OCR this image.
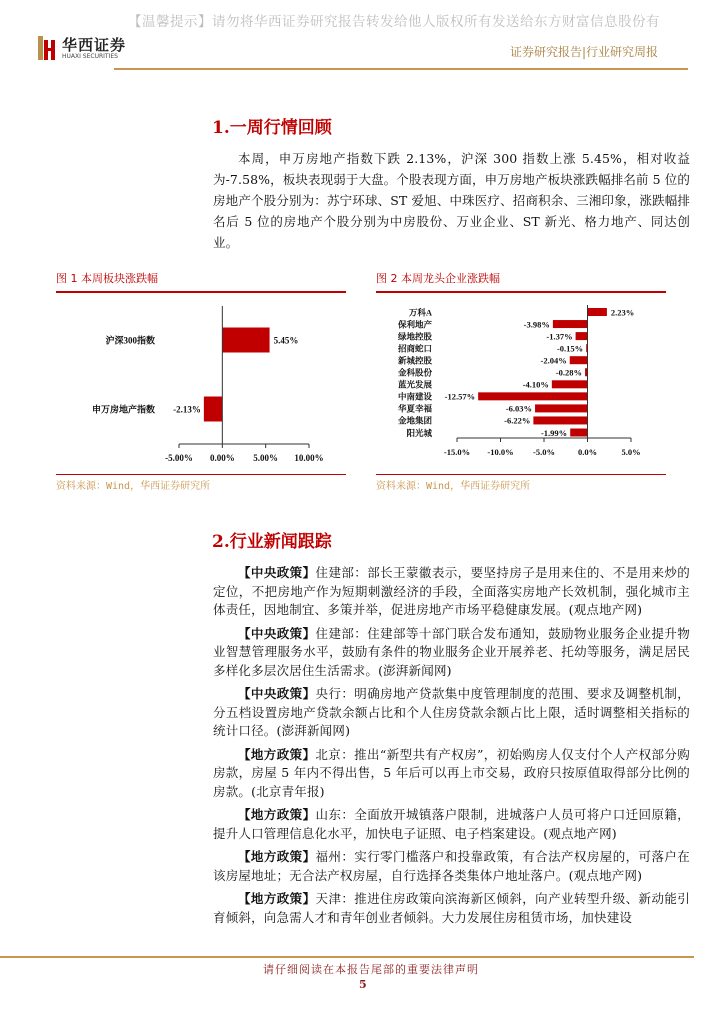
【温馨提示】请勿将华西证券研究报告转发给他人版权所有发送给东方财富信息股份有
华西证券
HUAXI SECURITIES	证券研究报告|行业研究周报
1.一周行情回顾
本周，申万房地产指数下跌 2.13%，沪深 300 指数上涨 5.45%，相对收益为-7.58%，板块表现弱于大盘。个股表现方面，申万房地产板块涨跌幅排名前 5 位的房地产个股分别为：苏宁环球、ST 爱旭、中珠医疗、招商积余、三湘印象，涨跌幅排名后 5 位的房地产个股分别为中房股份、万业企业、ST 新光、格力地产、同达创业。
图 1 本周板块涨跌幅
沪深300指数	5.45%
申万房地产指数 -2.13%
-5.00% 0.00% 5.00% 10.00%
万科A	2.23%
保利地产	-3.98%
绿地控股	-1.37%
招商蛇口	-0.15%
新城控股	-2.04%
金科股份	-0.28%
蓝光发展	-4.10%
中南建设 -12.57%
华夏幸福	-6.03%
金地集团	-6.22%
阳光城	-1.99%
-15.0% -10.0% -5.0%	0.0%	5.0%
资料来源：Wind，华西证券研究所
图 2 本周龙头企业涨跌幅
资料来源：Wind，华西证券研究所
2.行业新闻跟踪

【中央政策】住建部：部长王蒙徽表示，要坚持房子是用来住的、不是用来炒的定位，不把房地产作为短期刺激经济的手段，全面落实房地产长效机制，强化城市主体责任，因地制宜、多策并举，促进房地产市场平稳健康发展。(观点地产网)

【中央政策】住建部：住建部等十部门联合发布通知，鼓励物业服务企业提升物业智慧管理服务水平，鼓励有条件的物业服务企业开展养老、托幼等服务，满足居民多样化多层次居住生活需求。(澎湃新闻网)

【中央政策】央行：明确房地产贷款集中度管理制度的范围、要求及调整机制，分五档设置房地产贷款余额占比和个人住房贷款余额占比上限，适时调整相关指标的统计口径。(澎湃新闻网)

【地方政策】北京：推出“新型共有产权房”，初始购房人仅支付个人产权部分购房款，房屋 5 年内不得出售，5 年后可以再上市交易，政府只按原值取得部分比例的房款。(北京青年报)

【地方政策】山东：全面放开城镇落户限制，进城落户人员可将户口迁回原籍，提升人口管理信息化水平，加快电子证照、电子档案建设。(观点地产网)

【地方政策】福州：实行零门槛落户和投靠政策，有合法产权房屋的，可落户在该房屋地址；无合法产权房屋，自行选择各类集体户地址落户。(观点地产网)

【地方政策】天津：推进住房政策向滨海新区倾斜，向产业转型升级、新动能引育倾斜，向急需人才和青年创业者倾斜。大力发展住房租赁市场，加快建设

请仔细阅读在本报告尾部的重要法律声明
5
